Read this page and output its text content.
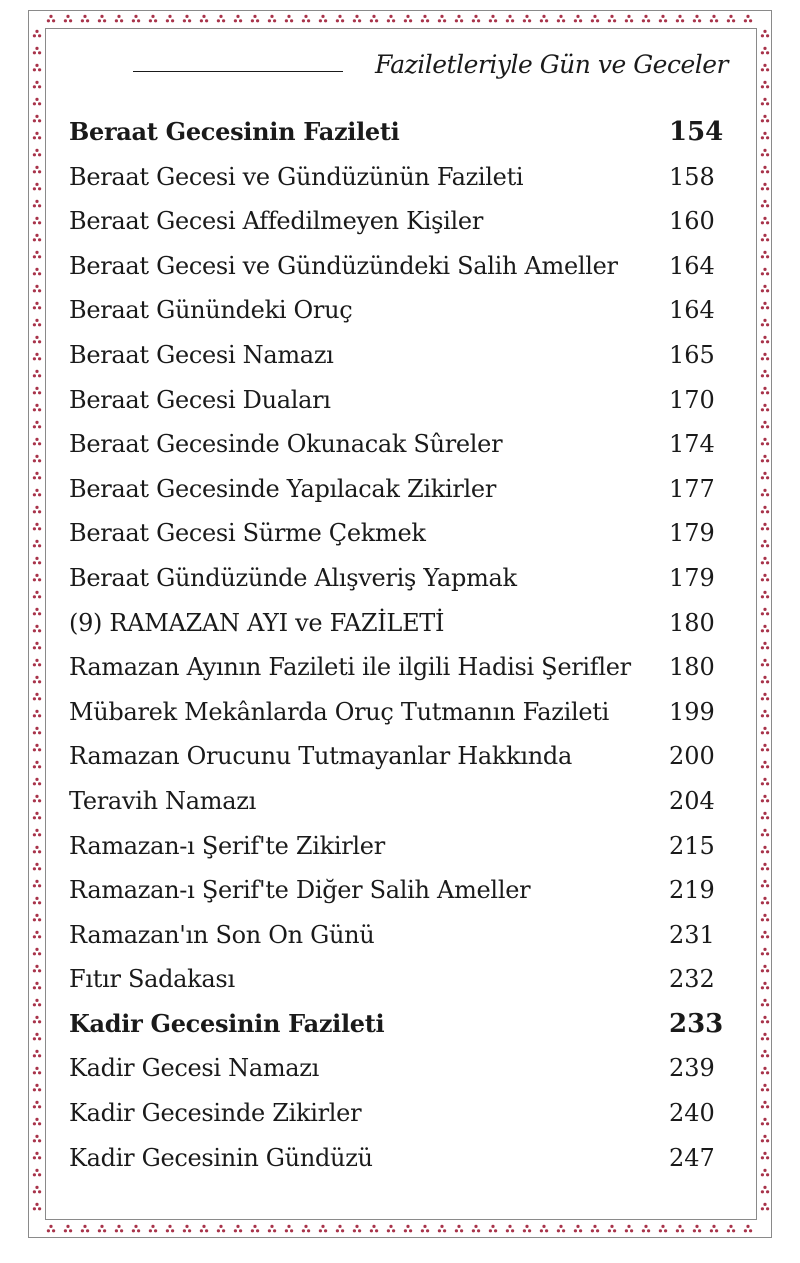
Faziletleriyle Gün ve Geceler
Beraat Gecesinin Fazileti	154
Beraat Gecesi ve Gündüzünün Fazileti	158
Beraat Gecesi Affedilmeyen Kişiler	160
Beraat Gecesi ve Gündüzündeki Salih Ameller 164
Beraat Günündeki Oruç	164
Beraat Gecesi Namazı	165
Beraat Gecesi Duaları	170
Beraat Gecesinde Okunacak Sûreler	174
Beraat Gecesinde Yapılacak Zikirler	177
Beraat Gecesi Sürme Çekmek	179
Beraat Gündüzünde Alışveriş Yapmak	179
(9) RAMAZAN AYI ve FAZİLETİ	180
Ramazan Ayının Fazileti ile ilgili Hadisi Şerifler 180
Mübarek Mekânlarda Oruç Tutmanın Fazileti 199
Ramazan Orucunu Tutmayanlar Hakkında	200
Teravih Namazı	204
Ramazan-ı Şerif'te Zikirler	215
Ramazan-ı Şerif'te Diğer Salih Ameller	219
Ramazan'ın Son On Günü	231
Fıtır Sadakası	232
Kadir Gecesinin Fazileti	233
Kadir Gecesi Namazı	239
Kadir Gecesinde Zikirler	240
Kadir Gecesinin Gündüzü	247
